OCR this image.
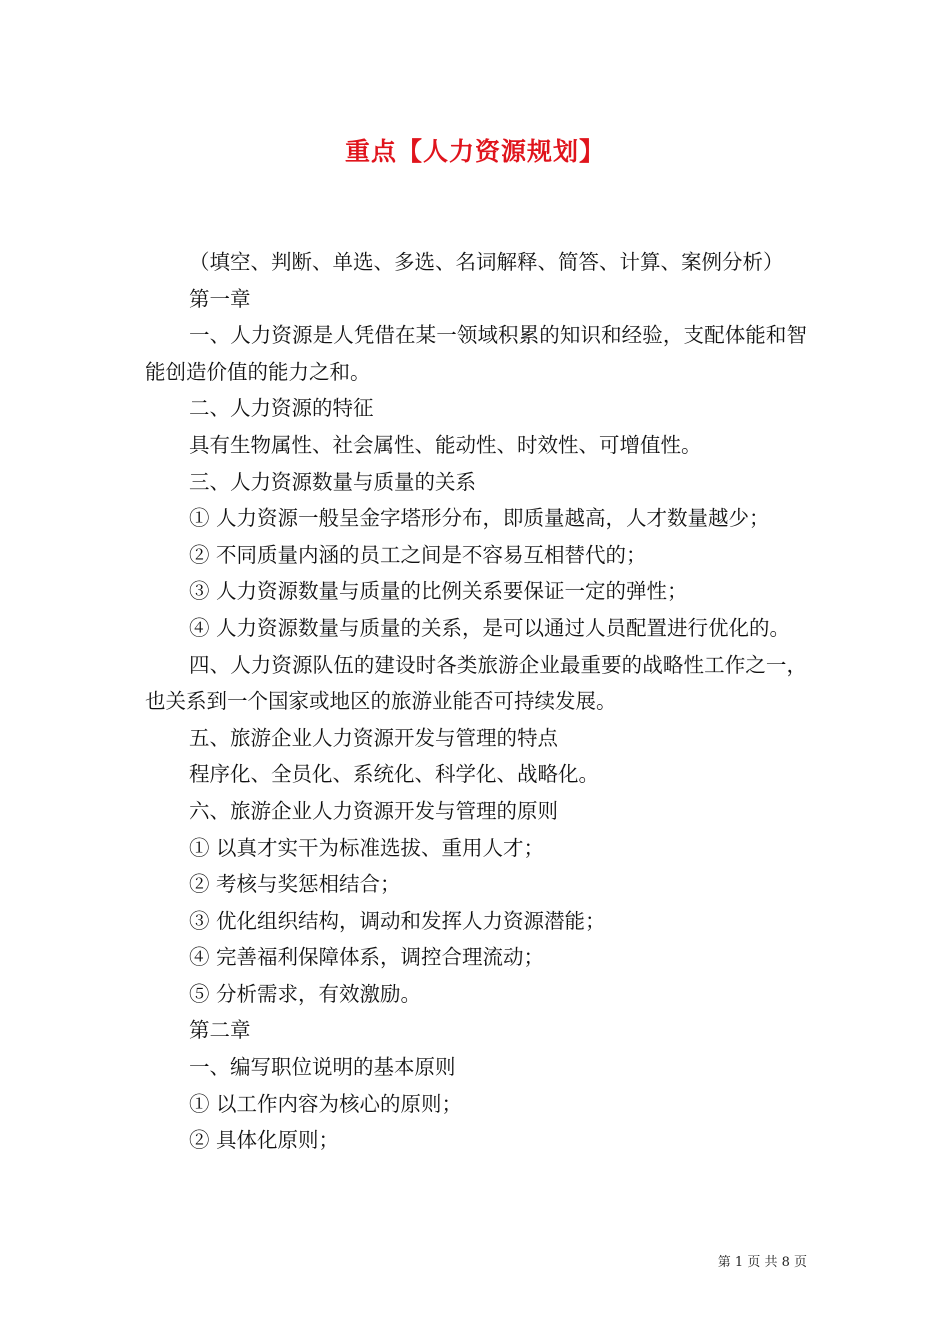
重点【人力资源规划】

（填空、判断、单选、多选、名词解释、简答、计算、案例分析）

第一章

一、人力资源是人凭借在某一领域积累的知识和经验，支配体能和智能创造价值的能力之和。

二、人力资源的特征

具有生物属性、社会属性、能动性、时效性、可增值性。

三、人力资源数量与质量的关系

① 人力资源一般呈金字塔形分布，即质量越高，人才数量越少；

② 不同质量内涵的员工之间是不容易互相替代的；

③ 人力资源数量与质量的比例关系要保证一定的弹性；

④ 人力资源数量与质量的关系，是可以通过人员配置进行优化的。

四、人力资源队伍的建设时各类旅游企业最重要的战略性工作之一，也关系到一个国家或地区的旅游业能否可持续发展。

五、旅游企业人力资源开发与管理的特点

程序化、全员化、系统化、科学化、战略化。

六、旅游企业人力资源开发与管理的原则

① 以真才实干为标准选拔、重用人才；

② 考核与奖惩相结合；

③ 优化组织结构，调动和发挥人力资源潜能；

④ 完善福利保障体系，调控合理流动；

⑤ 分析需求，有效激励。

第二章

一、编写职位说明的基本原则

① 以工作内容为核心的原则；

② 具体化原则；

第 1 页 共 8 页
